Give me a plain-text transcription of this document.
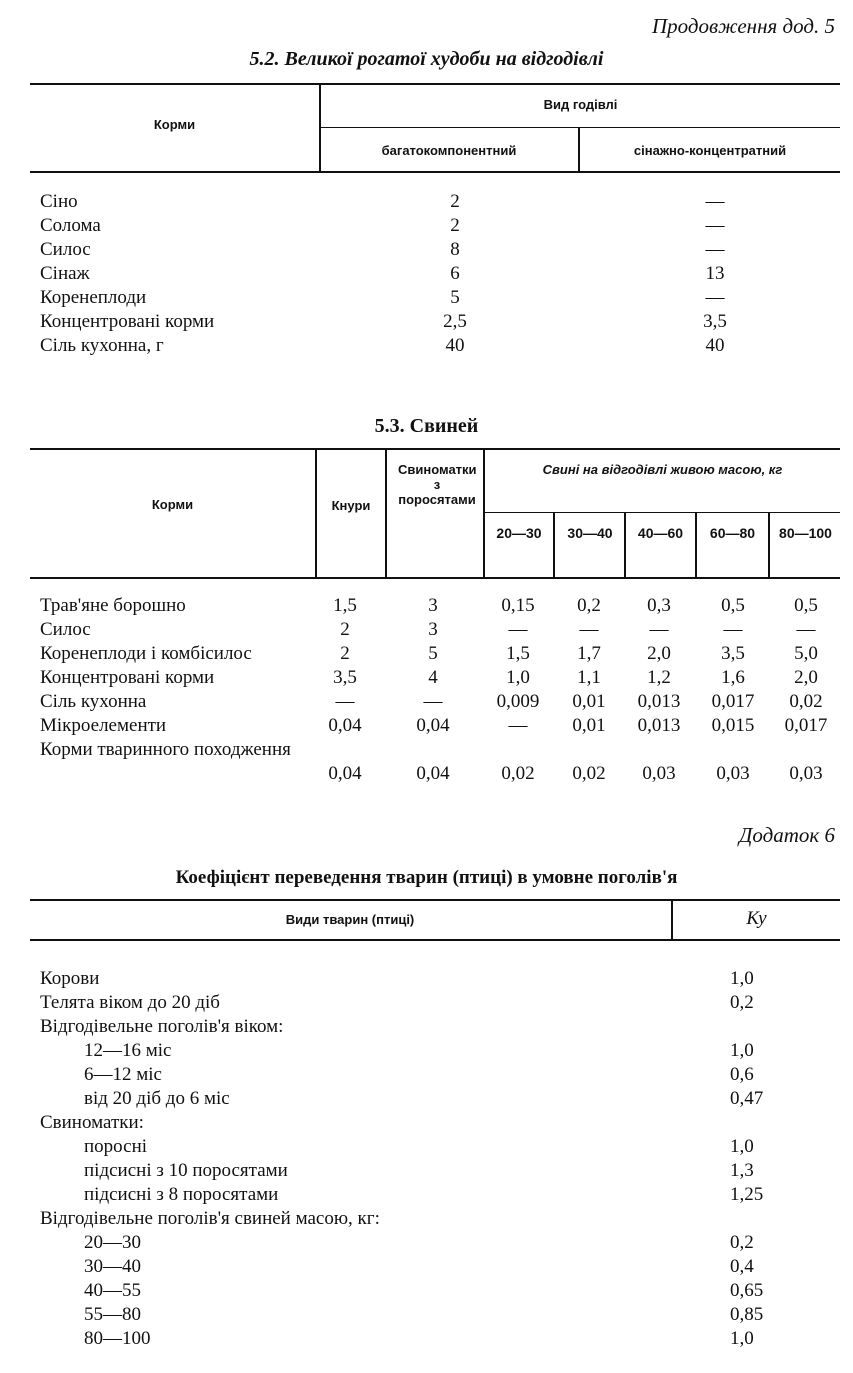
Продовження дод. 5
5.2. Великої рогатої худоби на відгодівлі
Корми
Вид годівлі
багатокомпонентний	сінажно-концентратний
Сіно	2	—
Солома	2	—
Силос	8	—
Сінаж	6	13
Коренеплоди	5	—
Концентровані корми	2,5	3,5
Сіль кухонна, г	40	40
5.3. Свиней
Корми	Кнури
Свиноматки з поросятами
Свині на відгодівлі живою масою, кг
20—30	30—40	40—60	60—80	80—100
Трав'яне борошно	1,5	3	0,15	0,2	0,3	0,5	0,5
Силос	2	3	—	—	—	—	—
Коренеплоди і комбісилос	2	5	1,5	1,7	2,0	3,5	5,0
Концентровані корми	3,5	4	1,0	1,1	1,2	1,6	2,0
Сіль кухонна	—	—	0,009	0,01	0,013	0,017	0,02
Мікроелементи	0,04	0,04	—	0,01	0,013	0,015	0,017
Корми тваринного походження
0,04	0,04	0,02	0,02	0,03	0,03	0,03
Додаток 6
Коефіцієнт переведення тварин (птиці) в умовне поголів'я
Види тварин (птиці)	Ку
Корови	1,0
Телята віком до 20 діб	0,2
Відгодівельне поголів'я віком:
12—16 міс	1,0
6—12 міс	0,6
від 20 діб до 6 міс	0,47
Свиноматки:
поросні	1,0
підсисні з 10 поросятами	1,3
підсисні з 8 поросятами	1,25
Відгодівельне поголів'я свиней масою, кг:
20—30	0,2
30—40	0,4
40—55	0,65
55—80	0,85
80—100	1,0
